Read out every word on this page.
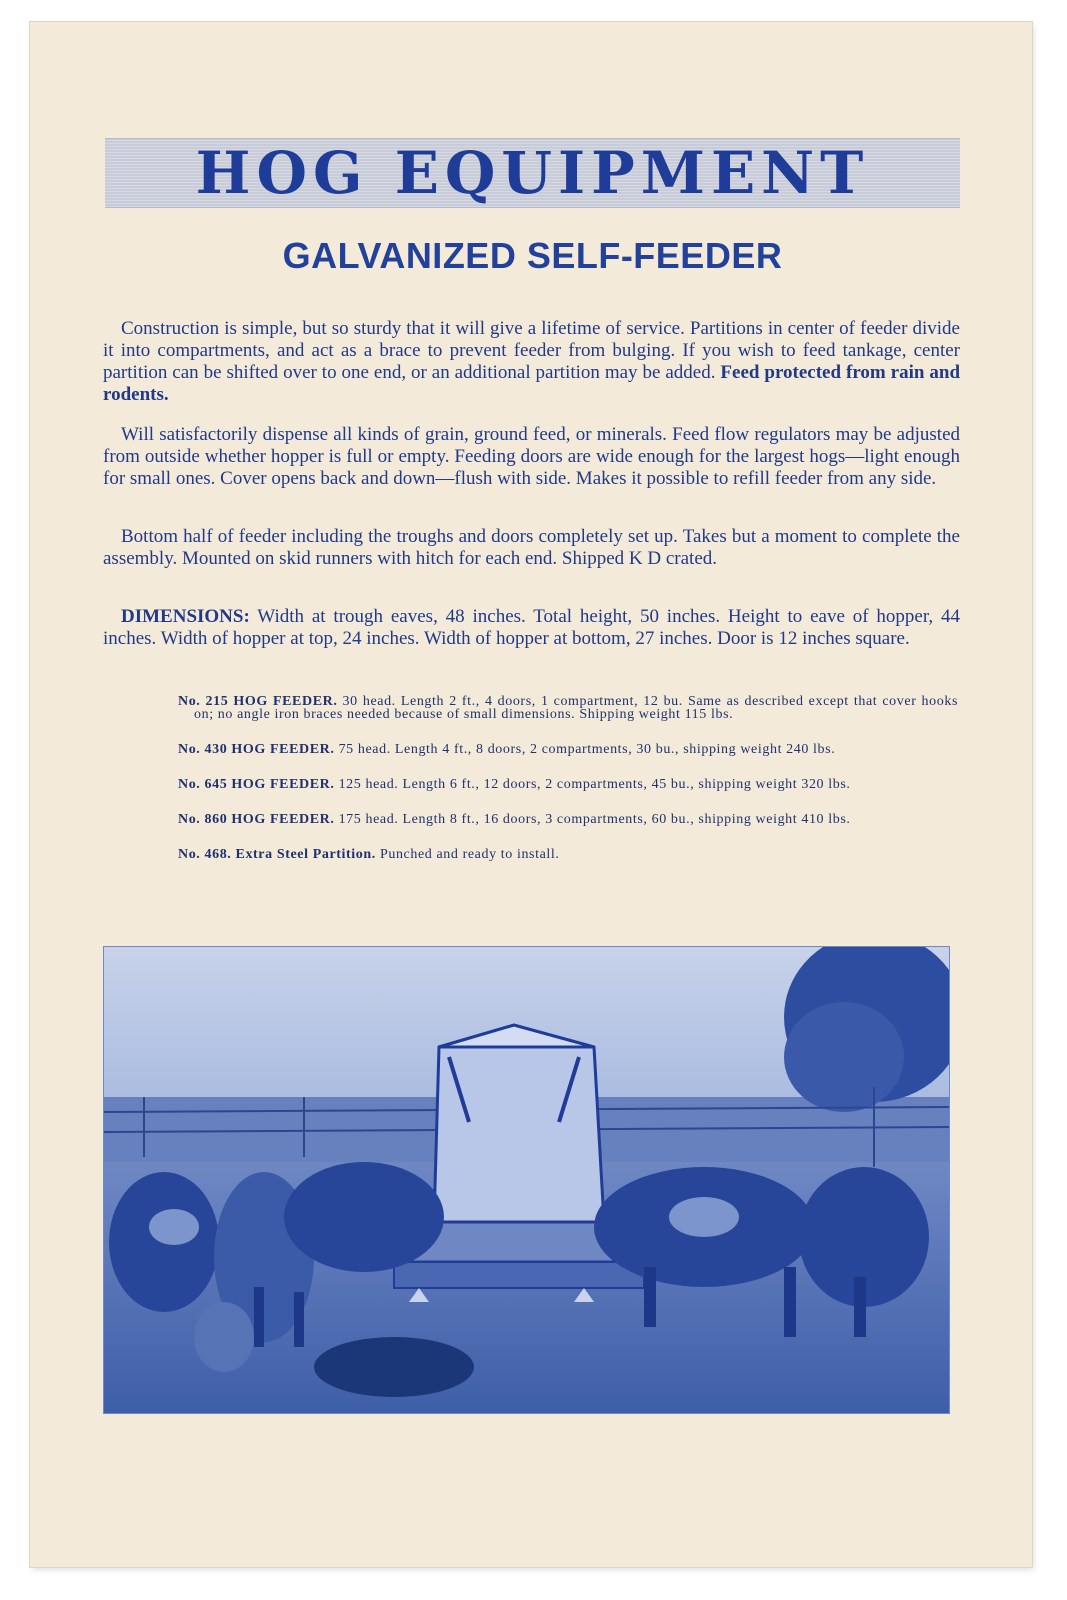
HOG EQUIPMENT
GALVANIZED SELF-FEEDER
Construction is simple, but so sturdy that it will give a lifetime of service. Partitions in center of feeder divide it into compartments, and act as a brace to prevent feeder from bulging. If you wish to feed tankage, center partition can be shifted over to one end, or an additional partition may be added. Feed protected from rain and rodents.
Will satisfactorily dispense all kinds of grain, ground feed, or minerals. Feed flow regulators may be adjusted from outside whether hopper is full or empty. Feeding doors are wide enough for the largest hogs—light enough for small ones. Cover opens back and down—flush with side. Makes it possible to refill feeder from any side.
Bottom half of feeder including the troughs and doors completely set up. Takes but a moment to complete the assembly. Mounted on skid runners with hitch for each end. Shipped K D crated.
DIMENSIONS: Width at trough eaves, 48 inches. Total height, 50 inches. Height to eave of hopper, 44 inches. Width of hopper at top, 24 inches. Width of hopper at bottom, 27 inches. Door is 12 inches square.
No. 215 HOG FEEDER. 30 head. Length 2 ft., 4 doors, 1 compartment, 12 bu. Same as described except that cover hooks on; no angle iron braces needed because of small dimensions. Shipping weight 115 lbs.
No. 430 HOG FEEDER. 75 head. Length 4 ft., 8 doors, 2 compartments, 30 bu., shipping weight 240 lbs.
No. 645 HOG FEEDER. 125 head. Length 6 ft., 12 doors, 2 compartments, 45 bu., shipping weight 320 lbs.
No. 860 HOG FEEDER. 175 head. Length 8 ft., 16 doors, 3 compartments, 60 bu., shipping weight 410 lbs.
No. 468. Extra Steel Partition. Punched and ready to install.
